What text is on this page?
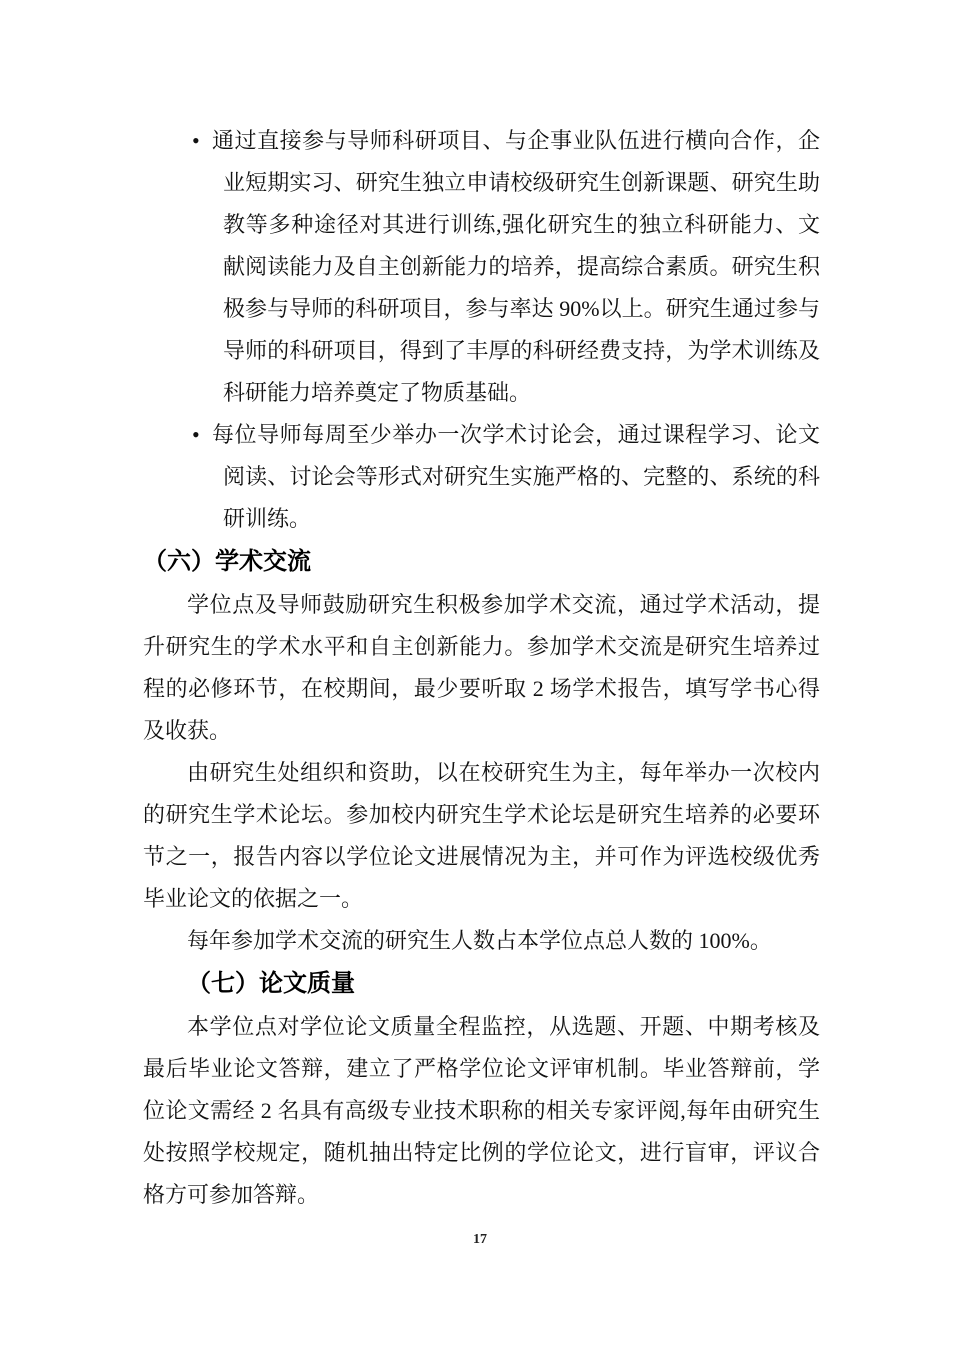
• 通过直接参与导师科研项目、与企事业队伍进行横向合作，企业短期实习、研究生独立申请校级研究生创新课题、研究生助教等多种途径对其进行训练,强化研究生的独立科研能力、文献阅读能力及自主创新能力的培养，提高综合素质。研究生积极参与导师的科研项目，参与率达 90%以上。研究生通过参与导师的科研项目，得到了丰厚的科研经费支持，为学术训练及科研能力培养奠定了物质基础。
• 每位导师每周至少举办一次学术讨论会，通过课程学习、论文阅读、讨论会等形式对研究生实施严格的、完整的、系统的科研训练。
（六）学术交流

学位点及导师鼓励研究生积极参加学术交流，通过学术活动，提升研究生的学术水平和自主创新能力。参加学术交流是研究生培养过程的必修环节，在校期间，最少要听取 2 场学术报告，填写学书心得及收获。

由研究生处组织和资助，以在校研究生为主，每年举办一次校内的研究生学术论坛。参加校内研究生学术论坛是研究生培养的必要环节之一，报告内容以学位论文进展情况为主，并可作为评选校级优秀毕业论文的依据之一。

每年参加学术交流的研究生人数占本学位点总人数的 100%。

（七）论文质量

本学位点对学位论文质量全程监控，从选题、开题、中期考核及最后毕业论文答辩，建立了严格学位论文评审机制。毕业答辩前，学位论文需经 2 名具有高级专业技术职称的相关专家评阅,每年由研究生处按照学校规定，随机抽出特定比例的学位论文，进行盲审，评议合格方可参加答辩。

17
